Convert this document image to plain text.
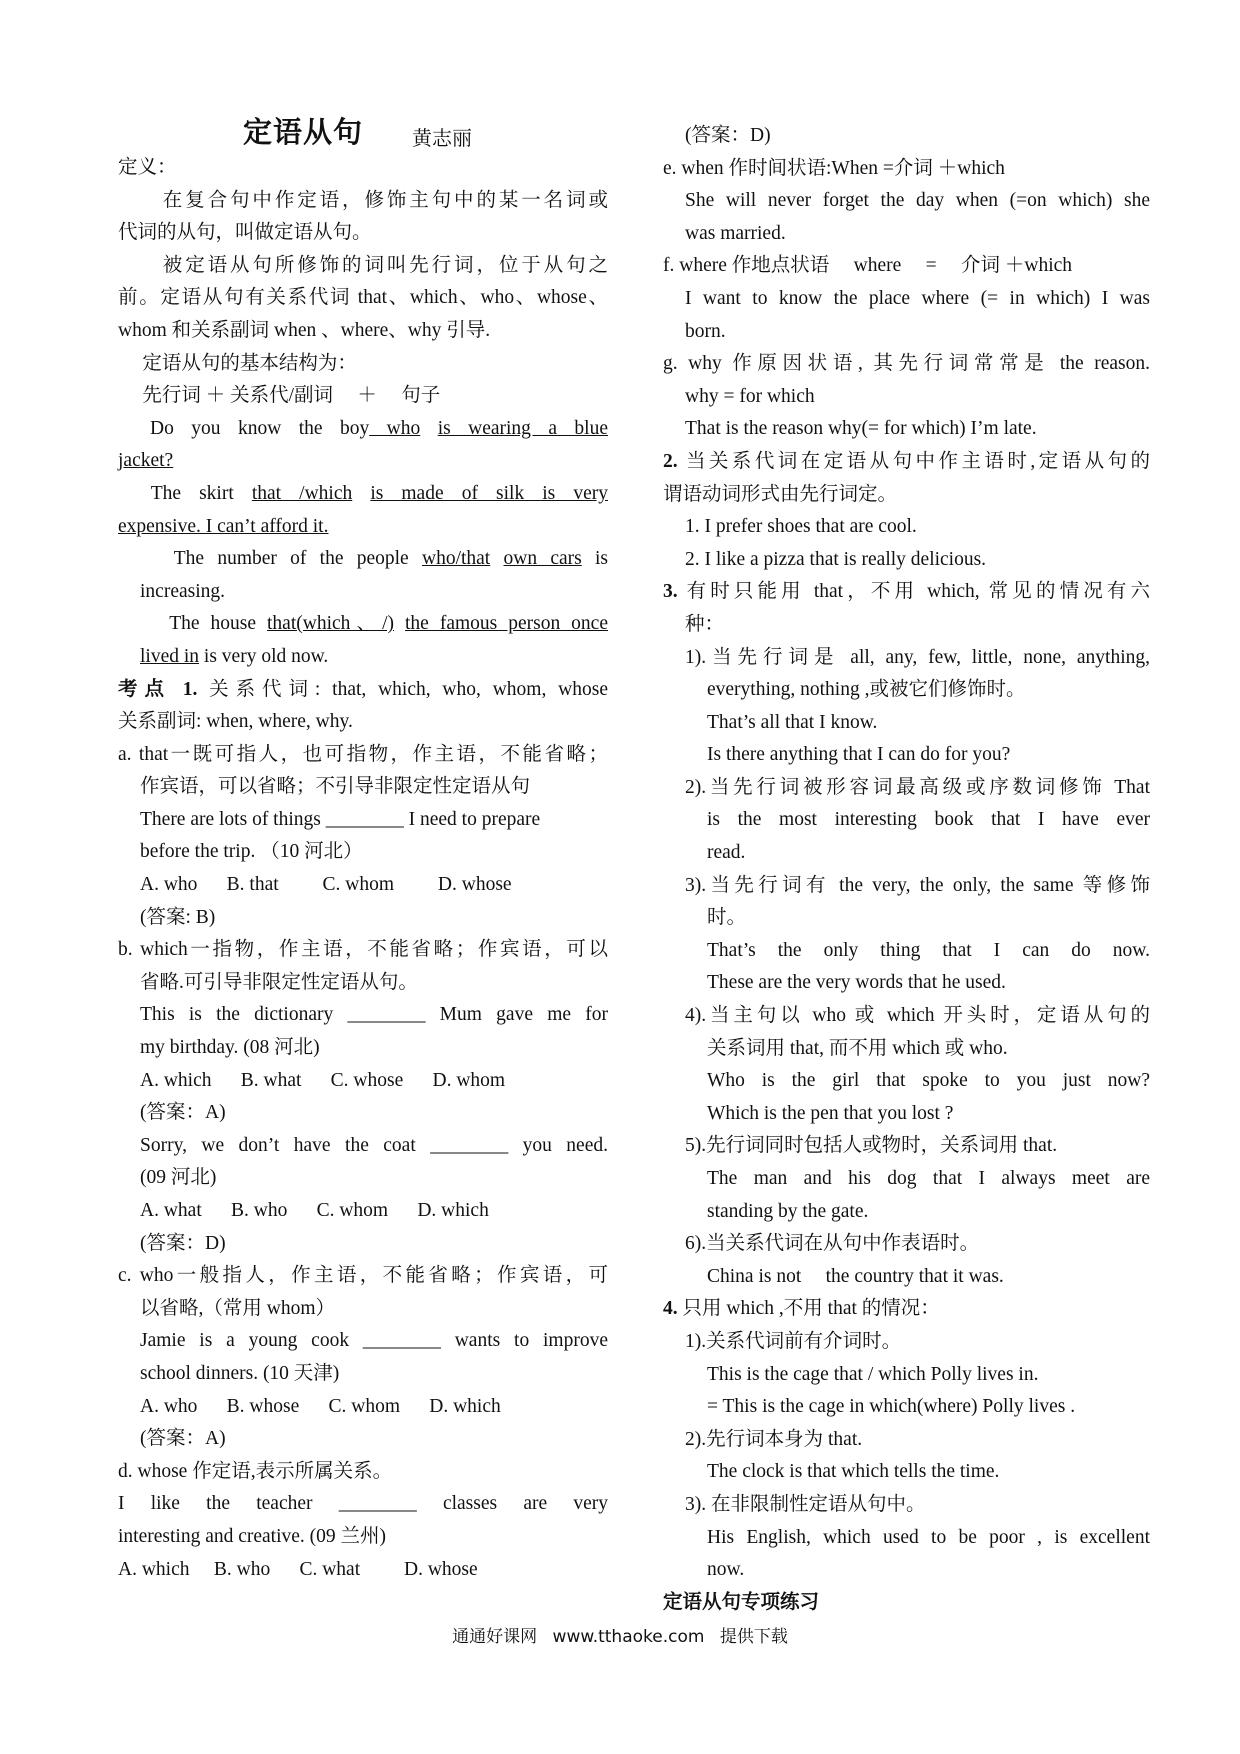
定语从句

黄志丽

定义：
　　在复合句中作定语，修饰主句中的某一名词或
代词的从句，叫做定语从句。
　　被定语从句所修饰的词叫先行词，位于从句之
前。定语从句有关系代词 that、which、who、whose、
whom 和关系副词 when 、where、why 引导.
　 定语从句的基本结构为：
　 先行词 ＋ 关系代/副词 　＋ 　句子
　Do you know the boy who is wearing a blue
jacket?
　The skirt that /which is made of silk is very
expensive. I can’t afford it.
　　The number of the people who/that own cars is
increasing.
　　The house that(which、/) the famous person once
lived in is very old now.
考点 1. 关系代词: that, which, who, whom, whose
关系副词: when, where, why.
a. that一既可指人，也可指物，作主语，不能省略；
作宾语，可以省略；不引导非限定性定语从句
There are lots of things ________ I need to prepare
before the trip. （10 河北）
A. who 　 B. that 　　C. whom 　　D. whose
(答案: B)
b. which一指物，作主语，不能省略；作宾语，可以
省略.可引导非限定性定语从句。
This is the dictionary ________ Mum gave me for
my birthday. (08 河北)
A. which 　 B. what 　 C. whose 　 D. whom
(答案：A)
Sorry, we don’t have the coat ________ you need.
(09 河北)
A. what 　 B. who 　 C. whom 　 D. which
(答案：D)
c. who一般指人，作主语，不能省略；作宾语，可
以省略,（常用 whom）
Jamie is a young cook ________ wants to improve
school dinners. (10 天津)
A. who 　 B. whose 　 C. whom 　 D. which
(答案：A)
d. whose 作定语,表示所属关系。
I like the teacher ________ classes are very
interesting and creative. (09 兰州)
A. which 　B. who 　 C. what 　　D. whose
(答案：D)
e. when 作时间状语:When =介词 ＋which
She will never forget the day when (=on which) she
was married.
f. where 作地点状语 　where 　= 　介词 ＋which
I want to know the place where (= in which) I was
born.
g. why 作原因状语, 其先行词常常是 the reason.
why = for which
That is the reason why(= for which) I’m late.
2. 当关系代词在定语从句中作主语时,定语从句的
谓语动词形式由先行词定。
1. I prefer shoes that are cool.
2. I like a pizza that is really delicious.
3. 有时只能用 that，不用 which, 常见的情况有六
种：
1).当先行词是 all, any, few, little, none, anything,
everything, nothing ,或被它们修饰时。
That’s all that I know.
Is there anything that I can do for you?
2).当先行词被形容词最高级或序数词修饰 That
is the most interesting book that I have ever
read.
3).当先行词有 the very, the only, the same 等修饰
时。
That’s the only thing that I can do now.
These are the very words that he used.
4).当主句以 who 或 which 开头时，定语从句的
关系词用 that, 而不用 which 或 who.
Who is the girl that spoke to you just now?
Which is the pen that you lost ?
5).先行词同时包括人或物时，关系词用 that.
The man and his dog that I always meet are
standing by the gate.
6).当关系代词在从句中作表语时。
China is not 　the country that it was.
4. 只用 which ,不用 that 的情况：
1).关系代词前有介词时。
This is the cage that / which Polly lives in.
= This is the cage in which(where) Polly lives .
2).先行词本身为 that.
The clock is that which tells the time.
3). 在非限制性定语从句中。
His English, which used to be poor , is excellent
now.
定语从句专项练习
通通好课网 www.tthaoke.com 提供下载
